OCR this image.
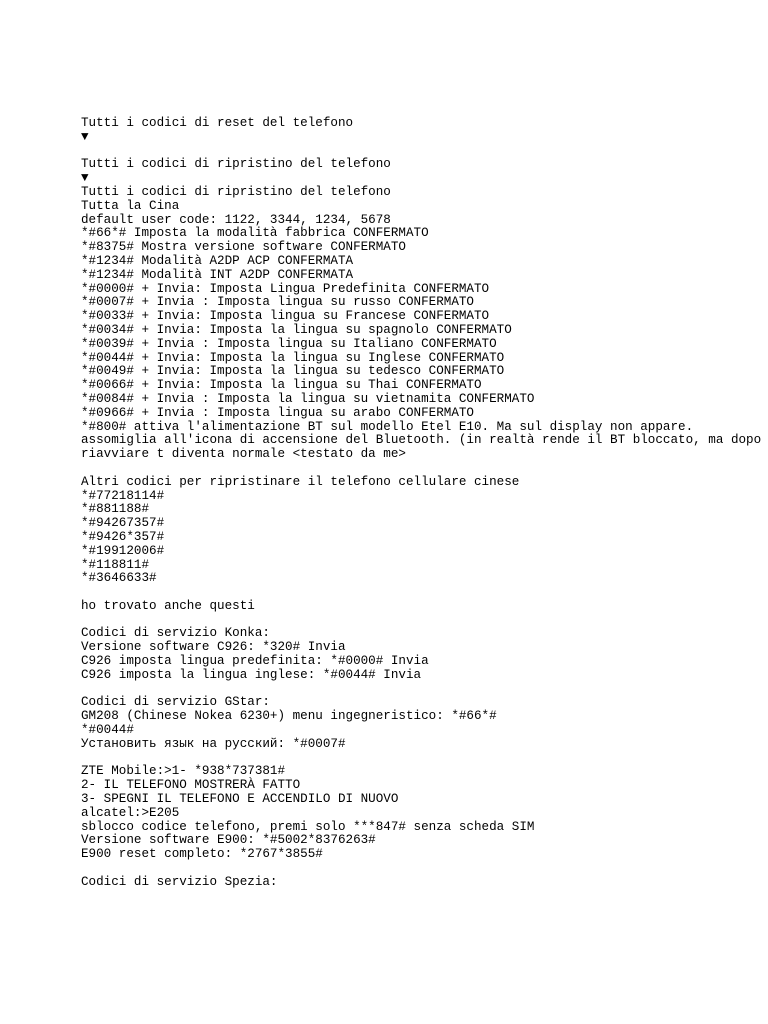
Tutti i codici di reset del telefono
▼
Tutti i codici di ripristino del telefono
▼
Tutti i codici di ripristino del telefono
Tutta la Cina
default user code: 1122, 3344, 1234, 5678
*#66*# Imposta la modalità fabbrica CONFERMATO
*#8375# Mostra versione software CONFERMATO
*#1234# Modalità A2DP ACP CONFERMATA
*#1234# Modalità INT A2DP CONFERMATA
*#0000# + Invia: Imposta Lingua Predefinita CONFERMATO
*#0007# + Invia : Imposta lingua su russo CONFERMATO
*#0033# + Invia: Imposta lingua su Francese CONFERMATO
*#0034# + Invia: Imposta la lingua su spagnolo CONFERMATO
*#0039# + Invia : Imposta lingua su Italiano CONFERMATO
*#0044# + Invia: Imposta la lingua su Inglese CONFERMATO
*#0049# + Invia: Imposta la lingua su tedesco CONFERMATO
*#0066# + Invia: Imposta la lingua su Thai CONFERMATO
*#0084# + Invia : Imposta la lingua su vietnamita CONFERMATO
*#0966# + Invia : Imposta lingua su arabo CONFERMATO
*#800# attiva l'alimentazione BT sul modello Etel E10. Ma sul display non appare.
assomiglia all'icona di accensione del Bluetooth. (in realtà rende il BT bloccato, ma dopo
riavviare t diventa normale <testato da me>
Altri codici per ripristinare il telefono cellulare cinese
*#77218114#
*#881188#
*#94267357#
*#9426*357#
*#19912006#
*#118811#
*#3646633#
ho trovato anche questi
Codici di servizio Konka:
Versione software C926: *320# Invia
C926 imposta lingua predefinita: *#0000# Invia
C926 imposta la lingua inglese: *#0044# Invia
Codici di servizio GStar:
GM208 (Chinese Nokea 6230+) menu ingegneristico: *#66*#
*#0044#
Установить язык на русский: *#0007#
ZTE Mobile:>1- *938*737381#
2- IL TELEFONO MOSTRERÀ FATTO
3- SPEGNI IL TELEFONO E ACCENDILO DI NUOVO
alcatel:>E205
sblocco codice telefono, premi solo ***847# senza scheda SIM
Versione software E900: *#5002*8376263#
E900 reset completo: *2767*3855#
Codici di servizio Spezia:
